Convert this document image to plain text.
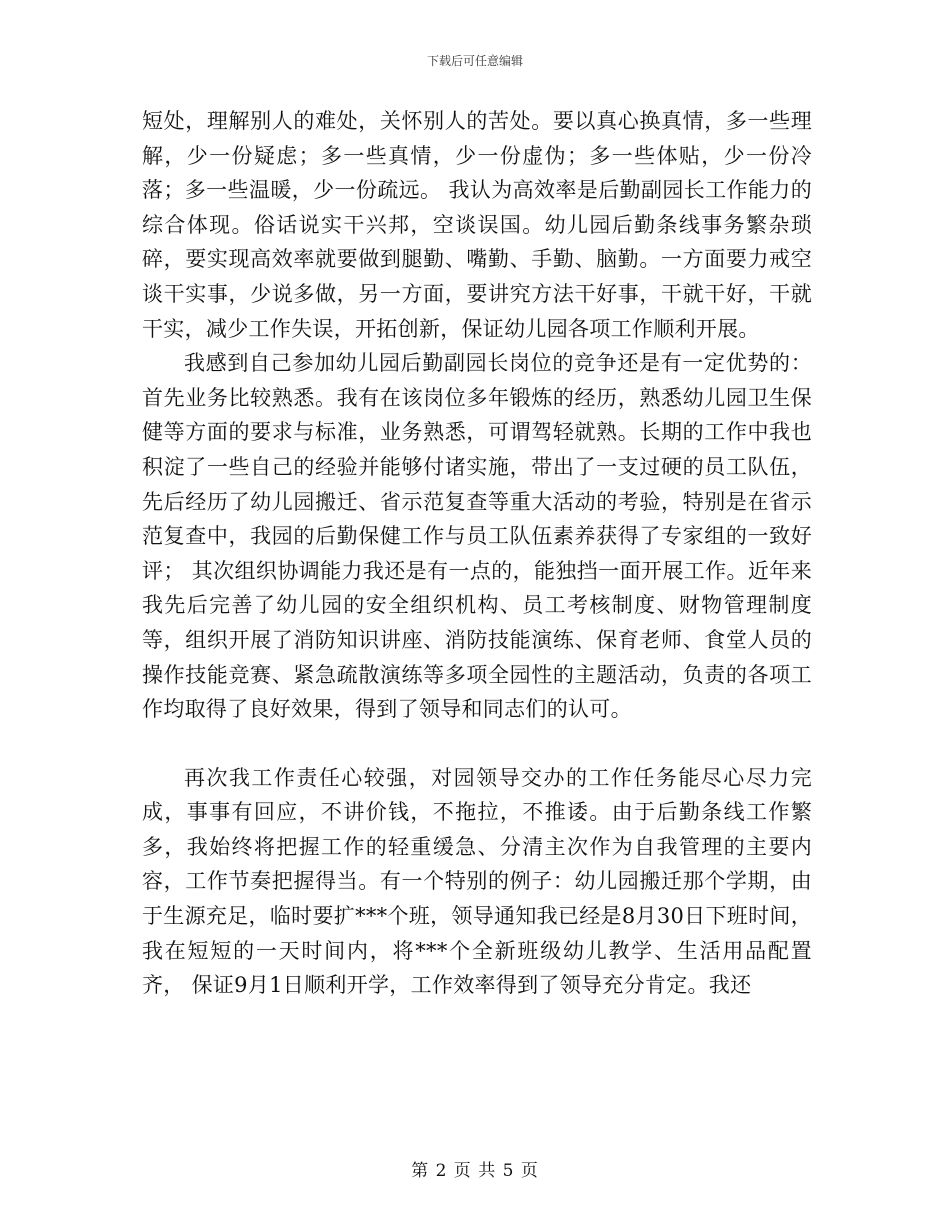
下载后可任意编辑

短处，理解别人的难处，关怀别人的苦处。要以真心换真情，多一些理解，少一份疑虑；多一些真情，少一份虚伪；多一些体贴，少一份冷落；多一些温暖，少一份疏远。 我认为高效率是后勤副园长工作能力的综合体现。俗话说实干兴邦，空谈误国。幼儿园后勤条线事务繁杂琐碎，要实现高效率就要做到腿勤、嘴勤、手勤、脑勤。一方面要力戒空谈干实事，少说多做，另一方面，要讲究方法干好事，干就干好，干就干实，减少工作失误，开拓创新，保证幼儿园各项工作顺利开展。

我感到自己参加幼儿园后勤副园长岗位的竞争还是有一定优势的： 首先业务比较熟悉。我有在该岗位多年锻炼的经历，熟悉幼儿园卫生保健等方面的要求与标准，业务熟悉，可谓驾轻就熟。长期的工作中我也积淀了一些自己的经验并能够付诸实施，带出了一支过硬的员工队伍，先后经历了幼儿园搬迁、省示范复查等重大活动的考验，特别是在省示范复查中，我园的后勤保健工作与员工队伍素养获得了专家组的一致好评； 其次组织协调能力我还是有一点的，能独挡一面开展工作。近年来我先后完善了幼儿园的安全组织机构、员工考核制度、财物管理制度等，组织开展了消防知识讲座、消防技能演练、保育老师、食堂人员的操作技能竞赛、紧急疏散演练等多项全园性的主题活动，负责的各项工作均取得了良好效果，得到了领导和同志们的认可。

再次我工作责任心较强，对园领导交办的工作任务能尽心尽力完成，事事有回应，不讲价钱，不拖拉，不推诿。由于后勤条线工作繁多，我始终将把握工作的轻重缓急、分清主次作为自我管理的主要内容，工作节奏把握得当。有一个特别的例子：幼儿园搬迁那个学期，由于生源充足，临时要扩***个班，领导通知我已经是8月30日下班时间，我在短短的一天时间内，将***个全新班级幼儿教学、生活用品配置齐， 保证9月1日顺利开学，工作效率得到了领导充分肯定。我还

第 2 页 共 5 页
